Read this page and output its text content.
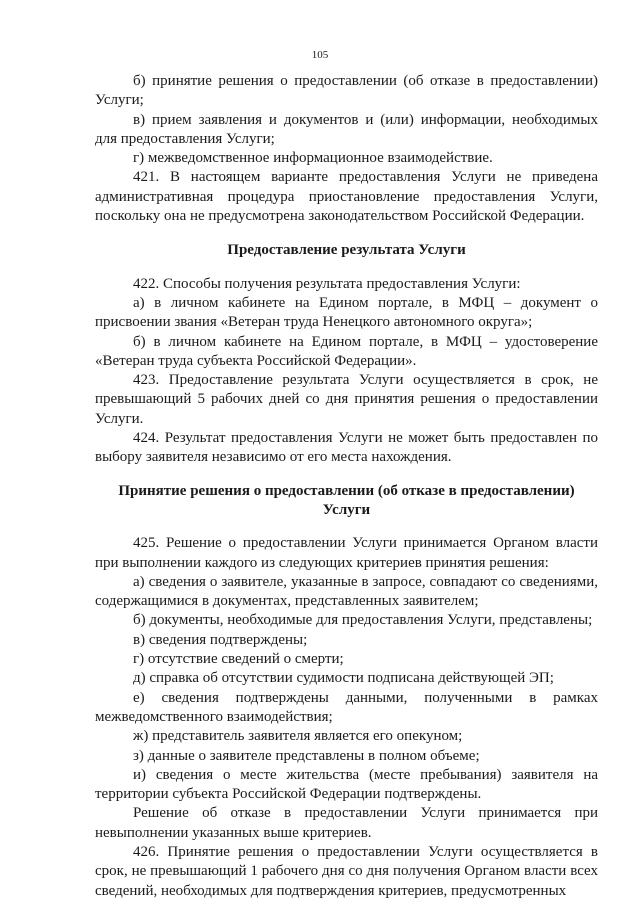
105

б) принятие решения о предоставлении (об отказе в предоставлении) Услуги;

в) прием заявления и документов и (или) информации, необходимых для предоставления Услуги;

г) межведомственное информационное взаимодействие.

421. В настоящем варианте предоставления Услуги не приведена административная процедура приостановление предоставления Услуги, поскольку она не предусмотрена законодательством Российской Федерации.

Предоставление результата Услуги

422. Способы получения результата предоставления Услуги:

а) в личном кабинете на Едином портале, в МФЦ – документ о присвоении звания «Ветеран труда Ненецкого автономного округа»;

б) в личном кабинете на Едином портале, в МФЦ – удостоверение «Ветеран труда субъекта Российской Федерации».

423. Предоставление результата Услуги осуществляется в срок, не превышающий 5 рабочих дней со дня принятия решения о предоставлении Услуги.

424. Результат предоставления Услуги не может быть предоставлен по выбору заявителя независимо от его места нахождения.

Принятие решения о предоставлении (об отказе в предоставлении) Услуги

425. Решение о предоставлении Услуги принимается Органом власти при выполнении каждого из следующих критериев принятия решения:

а) сведения о заявителе, указанные в запросе, совпадают со сведениями, содержащимися в документах, представленных заявителем;

б) документы, необходимые для предоставления Услуги, представлены;

в) сведения подтверждены;

г) отсутствие сведений о смерти;

д) справка об отсутствии судимости подписана действующей ЭП;

е) сведения подтверждены данными, полученными в рамках межведомственного взаимодействия;

ж) представитель заявителя является его опекуном;

з) данные о заявителе представлены в полном объеме;

и) сведения о месте жительства (месте пребывания) заявителя на территории субъекта Российской Федерации подтверждены.

Решение об отказе в предоставлении Услуги принимается при невыполнении указанных выше критериев.

426. Принятие решения о предоставлении Услуги осуществляется в срок, не превышающий 1 рабочего дня со дня получения Органом власти всех сведений, необходимых для подтверждения критериев, предусмотренных
